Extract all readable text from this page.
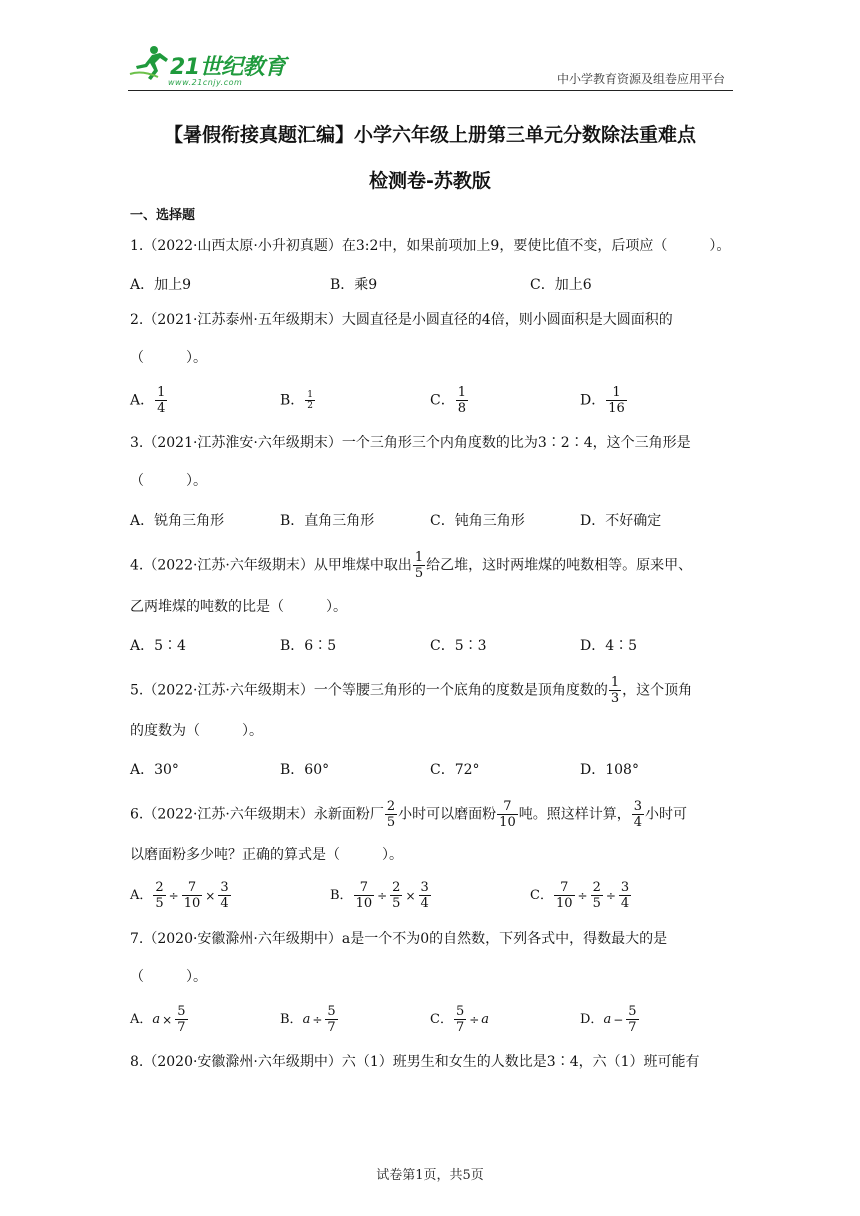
21世纪教育
www.21cnjy.com	中小学教育资源及组卷应用平台
【暑假衔接真题汇编】小学六年级上册第三单元分数除法重难点
检测卷-苏教版
一、选择题
1.（2022·山西太原·小升初真题）在3:2中，如果前项加上9，要使比值不变，后项应（　　　）。
A．加上9	B．乘9	C．加上6
2.（2021·江苏泰州·五年级期末）大圆直径是小圆直径的4倍，则小圆面积是大圆面积的
（　　　）。
A． $\frac{1}{4}$	B． $\frac{1}{2}$	C． $\frac{1}{8}$	D． $\frac{1}{16}$
3.（2021·江苏淮安·六年级期末）一个三角形三个内角度数的比为3∶2∶4，这个三角形是
（　　　）。
A．锐角三角形	B．直角三角形	C．钝角三角形	D．不好确定
4.（2022·江苏·六年级期末）从甲堆煤中取出 $\frac{1}{5}$ 给乙堆，这时两堆煤的吨数相等。原来甲、
乙两堆煤的吨数的比是（　　　）。
A．5∶4	B．6∶5	C．5∶3	D．4∶5
5.（2022·江苏·六年级期末）一个等腰三角形的一个底角的度数是顶角度数的 $\frac{1}{3}$ ，这个顶角
的度数为（　　　）。
A．30°	B．60°	C．72°	D．108°
6.（2022·江苏·六年级期末）永新面粉厂 $\frac{2}{5}$ 小时可以磨面粉 $\frac{7}{10}$ 吨。照这样计算， $\frac{3}{4}$ 小时可
以磨面粉多少吨？正确的算式是（　　　）。
A． $\frac{2}{5} \div \frac{7}{10} \times \frac{3}{4}$	B． $\frac{7}{10} \div \frac{2}{5} \times \frac{3}{4}$	C． $\frac{7}{10} \div \frac{2}{5} \div \frac{3}{4}$
7.（2020·安徽滁州·六年级期中）a是一个不为0的自然数，下列各式中，得数最大的是
（　　　）。
A． $a \times \frac{5}{7}$	B． $a \div \frac{5}{7}$	C． $\frac{5}{7} \div a$	D． $a - \frac{5}{7}$
8.（2020·安徽滁州·六年级期中）六（1）班男生和女生的人数比是3∶4，六（1）班可能有
试卷第1页，共5页
